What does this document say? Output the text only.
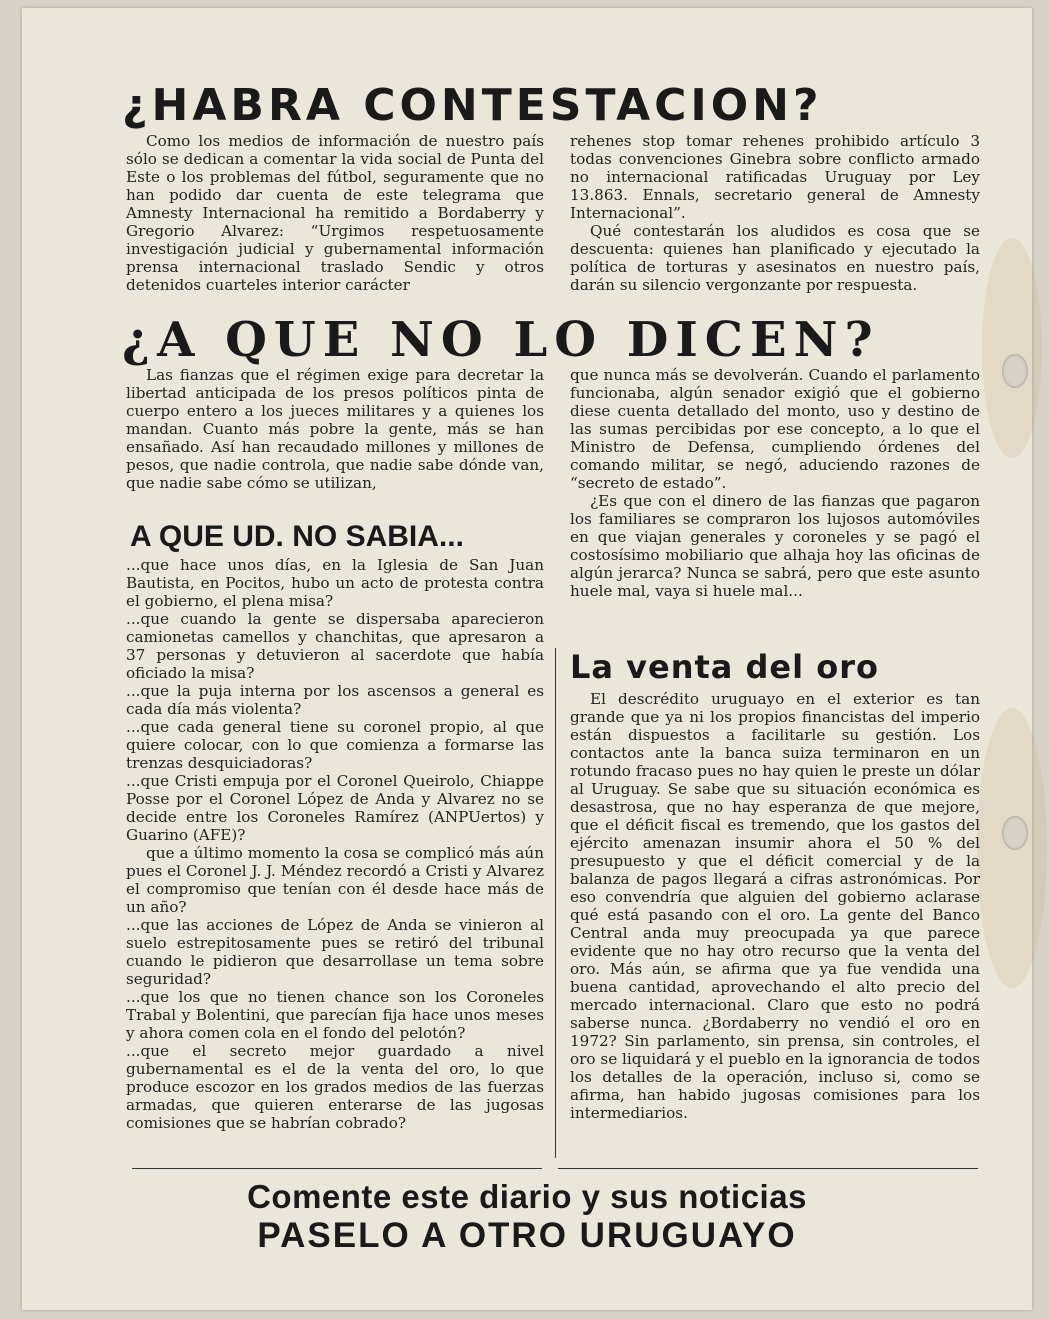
¿HABRA CONTESTACION?

Como los medios de información de nuestro país sólo se dedican a comentar la vida social de Punta del Este o los problemas del fútbol, seguramente que no han podido dar cuenta de este telegrama que Amnesty Internacional ha remitido a Bordaberry y Gregorio Alvarez: “Urgimos respetuosamente investigación judicial y gubernamental información prensa internacional traslado Sendic y otros detenidos cuarteles interior carácter

rehenes stop tomar rehenes prohibido artículo 3 todas convenciones Ginebra sobre conflicto armado no internacional ratificadas Uruguay por Ley 13.863. Ennals, secretario general de Amnesty Internacional”.

Qué contestarán los aludidos es cosa que se descuenta: quienes han planificado y ejecutado la política de torturas y asesinatos en nuestro país, darán su silencio vergonzante por respuesta.

¿A QUE NO LO DICEN?

Las fianzas que el régimen exige para decretar la libertad anticipada de los presos políticos pinta de cuerpo entero a los jueces militares y a quienes los mandan. Cuanto más pobre la gente, más se han ensañado. Así han recaudado millones y millones de pesos, que nadie controla, que nadie sabe dónde van, que nadie sabe cómo se utilizan,

que nunca más se devolverán. Cuando el parlamento funcionaba, algún senador exigió que el gobierno diese cuenta detallado del monto, uso y destino de las sumas percibidas por ese concepto, a lo que el Ministro de Defensa, cumpliendo órdenes del comando militar, se negó, aduciendo razones de “secreto de estado”.

¿Es que con el dinero de las fianzas que pagaron los familiares se compraron los lujosos automóviles en que viajan generales y coroneles y se pagó el costosísimo mobiliario que alhaja hoy las oficinas de algún jerarca? Nunca se sabrá, pero que este asunto huele mal, vaya si huele mal...

A QUE UD. NO SABIA...

...que hace unos días, en la Iglesia de San Juan Bautista, en Pocitos, hubo un acto de protesta contra el gobierno, el plena misa?

...que cuando la gente se dispersaba aparecieron camionetas camellos y chanchitas, que apresaron a 37 personas y detuvieron al sacerdote que había oficiado la misa?

...que la puja interna por los ascensos a general es cada día más violenta?

...que cada general tiene su coronel propio, al que quiere colocar, con lo que comienza a formarse las trenzas desquiciadoras?

...que Cristi empuja por el Coronel Queirolo, Chiappe Posse por el Coronel López de Anda y Alvarez no se decide entre los Coroneles Ramírez (ANPUertos) y Guarino (AFE)?

que a último momento la cosa se complicó más aún pues el Coronel J. J. Méndez recordó a Cristi y Alvarez el compromiso que tenían con él desde hace más de un año?

...que las acciones de López de Anda se vinieron al suelo estrepitosamente pues se retiró del tribunal cuando le pidieron que desarrollase un tema sobre seguridad?

...que los que no tienen chance son los Coroneles Trabal y Bolentini, que parecían fija hace unos meses y ahora comen cola en el fondo del pelotón?

...que el secreto mejor guardado a nivel gubernamental es el de la venta del oro, lo que produce escozor en los grados medios de las fuerzas armadas, que quieren enterarse de las jugosas comisiones que se habrían cobrado?

La venta del oro

El descrédito uruguayo en el exterior es tan grande que ya ni los propios financistas del imperio están dispuestos a facilitarle su gestión. Los contactos ante la banca suiza terminaron en un rotundo fracaso pues no hay quien le preste un dólar al Uruguay. Se sabe que su situación económica es desastrosa, que no hay esperanza de que mejore, que el déficit fiscal es tremendo, que los gastos del ejército amenazan insumir ahora el 50 % del presupuesto y que el déficit comercial y de la balanza de pagos llegará a cifras astronómicas. Por eso convendría que alguien del gobierno aclarase qué está pasando con el oro. La gente del Banco Central anda muy preocupada ya que parece evidente que no hay otro recurso que la venta del oro. Más aún, se afirma que ya fue vendida una buena cantidad, aprovechando el alto precio del mercado internacional. Claro que esto no podrá saberse nunca. ¿Bordaberry no vendió el oro en 1972? Sin parlamento, sin prensa, sin controles, el oro se liquidará y el pueblo en la ignorancia de todos los detalles de la operación, incluso si, como se afirma, han habido jugosas comisiones para los intermediarios.

Comente este diario y sus noticias
PASELO A OTRO URUGUAYO
